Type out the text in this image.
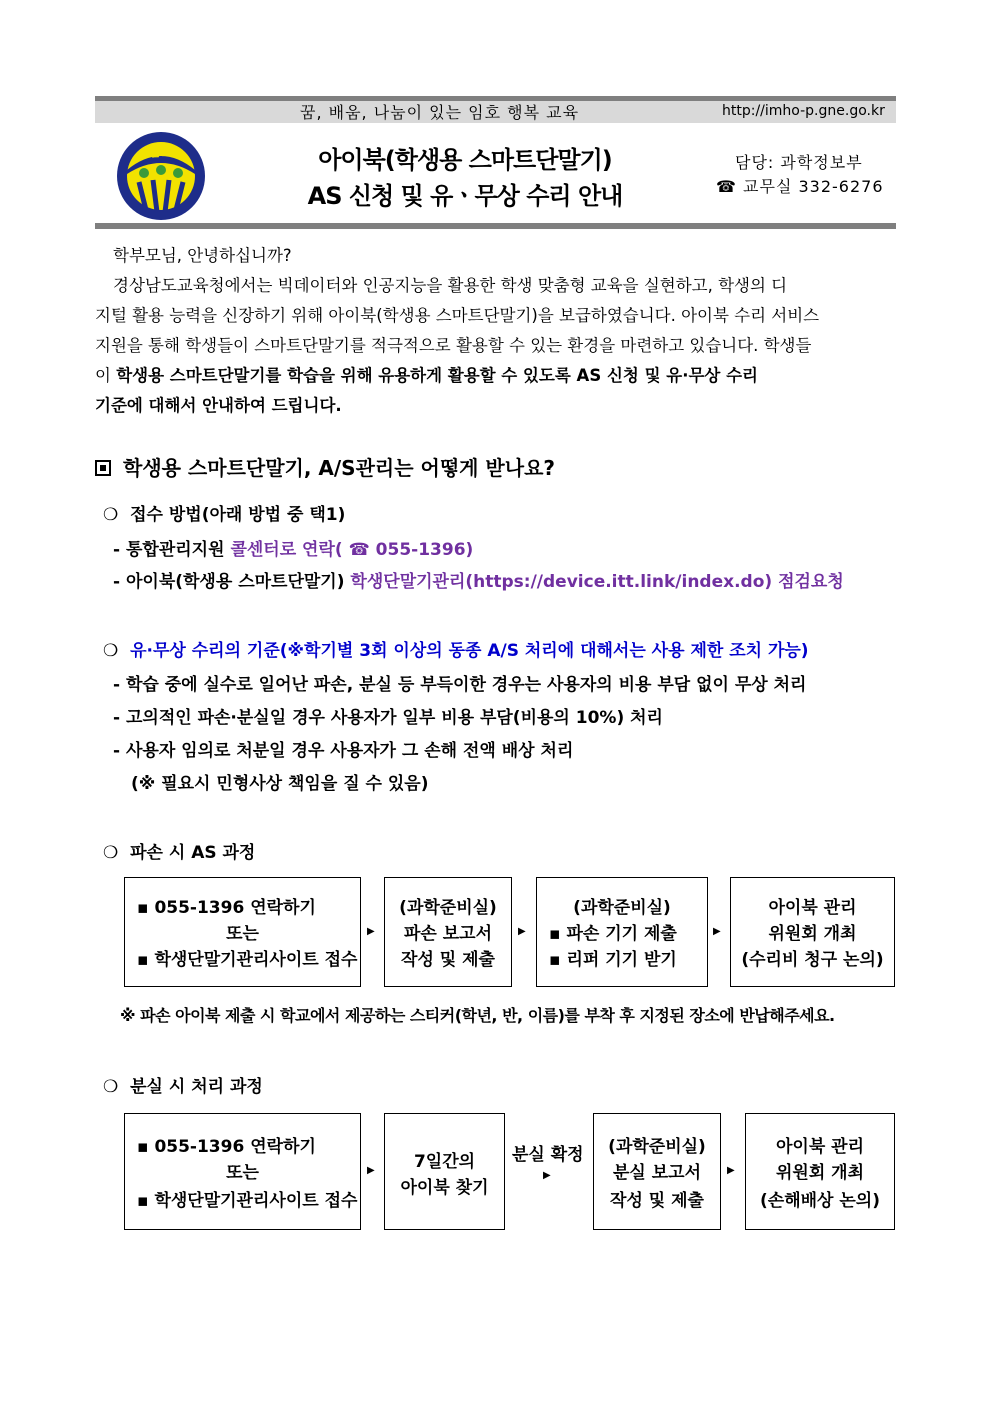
꿈, 배움, 나눔이 있는 임호 행복 교육	http://imho-p.gne.go.kr
임호	아이북(학생용 스마트단말기)
AS 신청 및 유ㆍ무상 수리 안내
담당: 과학정보부
☎ 교무실 332-6276
학부모님, 안녕하십니까?
경상남도교육청에서는 빅데이터와 인공지능을 활용한 학생 맞춤형 교육을 실현하고, 학생의 디
지털 활용 능력을 신장하기 위해 아이북(학생용 스마트단말기)을 보급하였습니다. 아이북 수리 서비스
지원을 통해 학생들이 스마트단말기를 적극적으로 활용할 수 있는 환경을 마련하고 있습니다. 학생들
이 학생용 스마트단말기를 학습을 위해 유용하게 활용할 수 있도록 AS 신청 및 유·무상 수리
기준에 대해서 안내하여 드립니다.
학생용 스마트단말기, A/S관리는 어떻게 받나요?
❍ 접수 방법(아래 방법 중 택1)
- 통합관리지원 콜센터로 연락( ☎ 055-1396)
- 아이북(학생용 스마트단말기) 학생단말기관리(https://device.itt.link/index.do) 점검요청
❍ 유·무상 수리의 기준(※학기별 3회 이상의 동종 A/S 처리에 대해서는 사용 제한 조치 가능)
- 학습 중에 실수로 일어난 파손, 분실 등 부득이한 경우는 사용자의 비용 부담 없이 무상 처리
- 고의적인 파손·분실일 경우 사용자가 일부 비용 부담(비용의 10%) 처리
- 사용자 임의로 처분일 경우 사용자가 그 손해 전액 배상 처리
(※ 필요시 민형사상 책임을 질 수 있음)
❍ 파손 시 AS 과정
▪ 055-1396 연락하기
또는
▪ 학생단말기관리사이트 접수
▶
(과학준비실)
파손 보고서
작성 및 제출
▶
(과학준비실)
▪ 파손 기기 제출
▪ 리퍼 기기 받기
▶
아이북 관리
위원회 개최
(수리비 청구 논의)
※ 파손 아이북 제출 시 학교에서 제공하는 스티커(학년, 반, 이름)를 부착 후 지정된 장소에 반납해주세요.
❍ 분실 시 처리 과정
▪ 055-1396 연락하기
또는
▪ 학생단말기관리사이트 접수
▶	7일간의
아이북 찾기
분실 확정
▶
(과학준비실)
분실 보고서
작성 및 제출
▶
아이북 관리
위원회 개최
(손해배상 논의)
